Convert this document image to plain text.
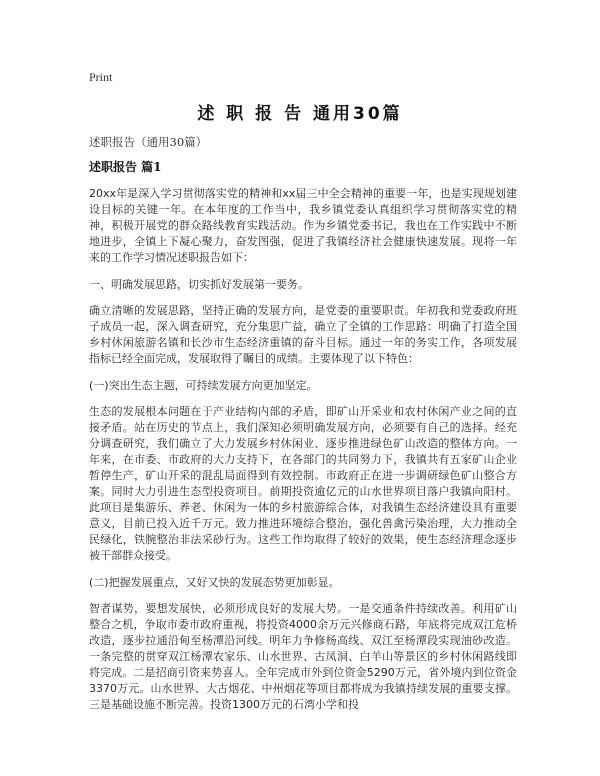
Print
述 职 报 告 通用30篇
述职报告（通用30篇）
述职报告 篇1

20xx年是深入学习贯彻落实党的精神和xx届三中全会精神的重要一年，也是实现规划建设目标的关键一年。在本年度的工作当中，我乡镇党委认真组织学习贯彻落实党的精神，积极开展党的群众路线教育实践活动。作为乡镇党委书记，我也在工作实践中不断地进步，全镇上下凝心聚力，奋发图强，促进了我镇经济社会健康快速发展。现将一年来的工作学习情况述职报告如下：

一、明确发展思路，切实抓好发展第一要务。

确立清晰的发展思路，坚持正确的发展方向，是党委的重要职责。年初我和党委政府班子成员一起，深入调查研究，充分集思广益，确立了全镇的工作思路：明确了打造全国乡村休闲旅游名镇和长沙市生态经济重镇的奋斗目标。通过一年的务实工作，各项发展指标已经全面完成，发展取得了瞩目的成绩。主要体现了以下特色：

(一)突出生态主题，可持续发展方向更加坚定。

生态的发展根本问题在于产业结构内部的矛盾，即矿山开采业和农村休闲产业之间的直接矛盾。站在历史的节点上，我们深知必须明确发展方向，必须要有自己的选择。经充分调查研究，我们确立了大力发展乡村休闲业、逐步推进绿色矿山改造的整体方向。一年来，在市委、市政府的大力支持下，在各部门的共同努力下，我镇共有五家矿山企业暂停生产，矿山开采的混乱局面得到有效控制。市政府正在进一步调研绿色矿山整合方案。同时大力引进生态型投资项目。前期投资逾亿元的山水世界项目落户我镇向阳村。此项目是集游乐、养老、休闲为一体的乡村旅游综合体，对我镇生态经济建设具有重要意义，目前已投入近千万元。致力推进环境综合整治，强化兽禽污染治理，大力推动全民绿化，铁腕整治非法采砂行为。这些工作均取得了较好的效果，使生态经济理念逐步被干部群众接受。

(二)把握发展重点，又好又快的发展态势更加彰显。

智者谋势，要想发展快，必须形成良好的发展大势。一是交通条件持续改善。利用矿山整合之机，争取市委市政府重视，将投资4000余万元兴修商石路，年底将完成双江危桥改造，逐步拉通沿甸至杨潭沿河线。明年力争修杨高线、双江至杨潭段实现油砂改造。一条完整的贯穿双江杨潭农家乐、山水世界、古凤洞、白羊山等景区的乡村休闲路线即将完成。二是招商引资来势喜人。全年完成市外到位资金5290万元，省外境内到位资金3370万元。山水世界、大古烟花、中州烟花等项目都将成为我镇持续发展的重要支撑。三是基础设施不断完善。投资1300万元的石湾小学和投
